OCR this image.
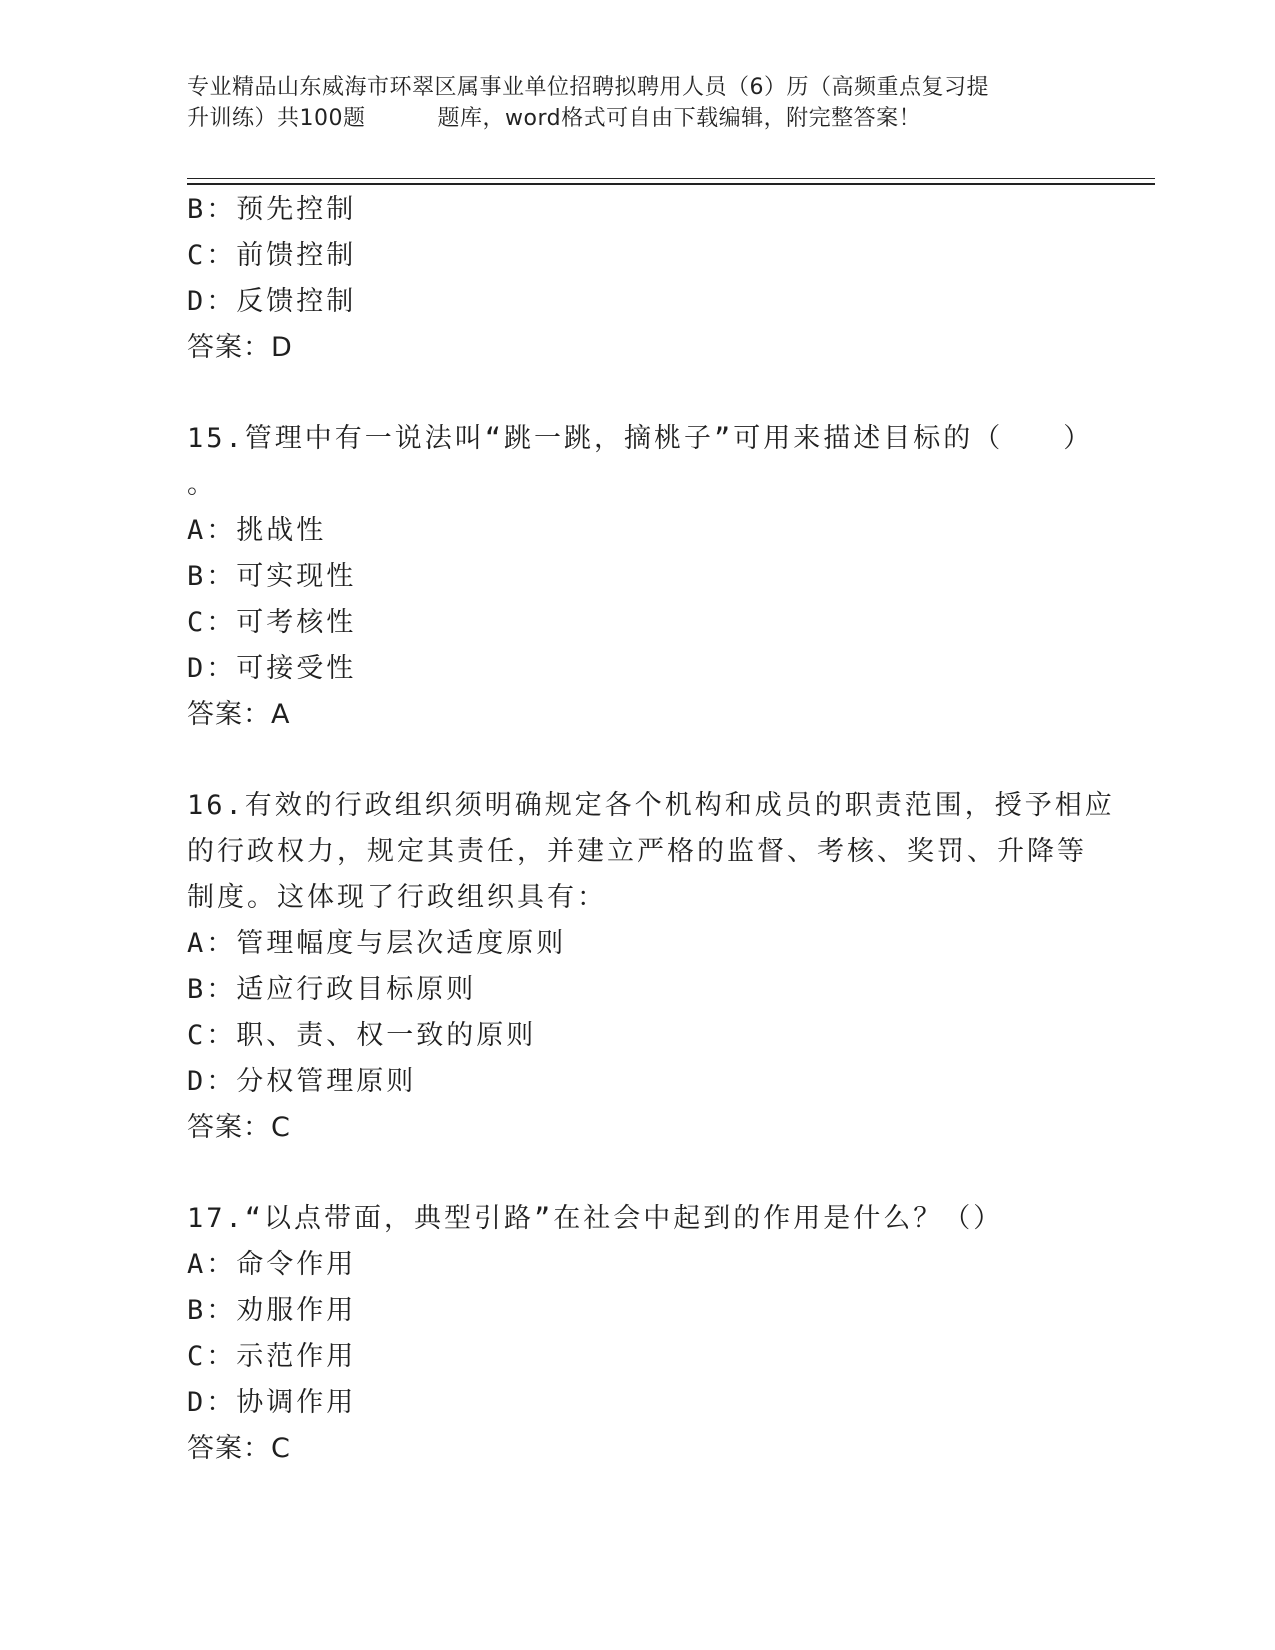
专业精品山东威海市环翠区属事业单位招聘拟聘用人员（6）历（高频重点复习提
升训练）共100题	题库，word格式可自由下载编辑，附完整答案！
B：预先控制
C：前馈控制
D：反馈控制
答案：D
15.管理中有一说法叫“跳一跳，摘桃子”可用来描述目标的（　　）
。
A：挑战性
B：可实现性
C：可考核性
D：可接受性
答案：A
16.有效的行政组织须明确规定各个机构和成员的职责范围，授予相应
的行政权力，规定其责任，并建立严格的监督、考核、奖罚、升降等
制度。这体现了行政组织具有：
A：管理幅度与层次适度原则
B：适应行政目标原则
C：职、责、权一致的原则
D：分权管理原则
答案：C
17.“以点带面，典型引路”在社会中起到的作用是什么？（）
A：命令作用
B：劝服作用
C：示范作用
D：协调作用
答案：C
